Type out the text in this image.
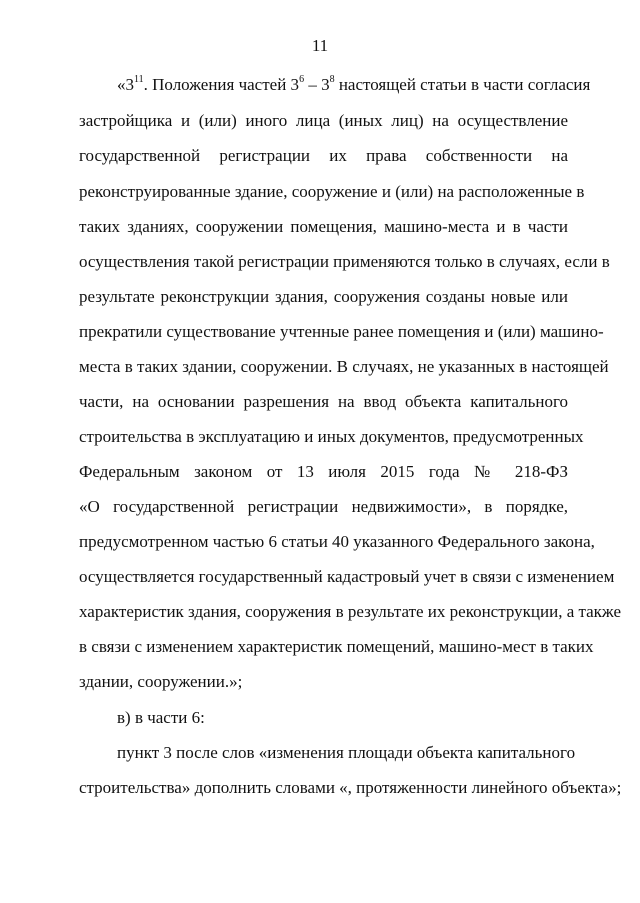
11
«$3^{11}$. Положения частей $3^6 - 3^8$ настоящей статьи в части согласия
застройщика и (или) иного лица (иных лиц) на осуществление
государственной регистрации их права собственности на
реконструированные здание, сооружение и (или) на расположенные в
таких зданиях, сооружении помещения, машино-места и в части
осуществления такой регистрации применяются только в случаях, если в
результате реконструкции здания, сооружения созданы новые или
прекратили существование учтенные ранее помещения и (или) машино-
места в таких здании, сооружении. В случаях, не указанных в настоящей
части, на основании разрешения на ввод объекта капитального
строительства в эксплуатацию и иных документов, предусмотренных
Федеральным законом от 13 июля 2015 года № 218-ФЗ
«О государственной регистрации недвижимости», в порядке,
предусмотренном частью 6 статьи 40 указанного Федерального закона,
осуществляется государственный кадастровый учет в связи с изменением
характеристик здания, сооружения в результате их реконструкции, а также
в связи с изменением характеристик помещений, машино-мест в таких
здании, сооружении.»;
в) в части 6:
пункт 3 после слов «изменения площади объекта капитального
строительства» дополнить словами «, протяженности линейного объекта»;
